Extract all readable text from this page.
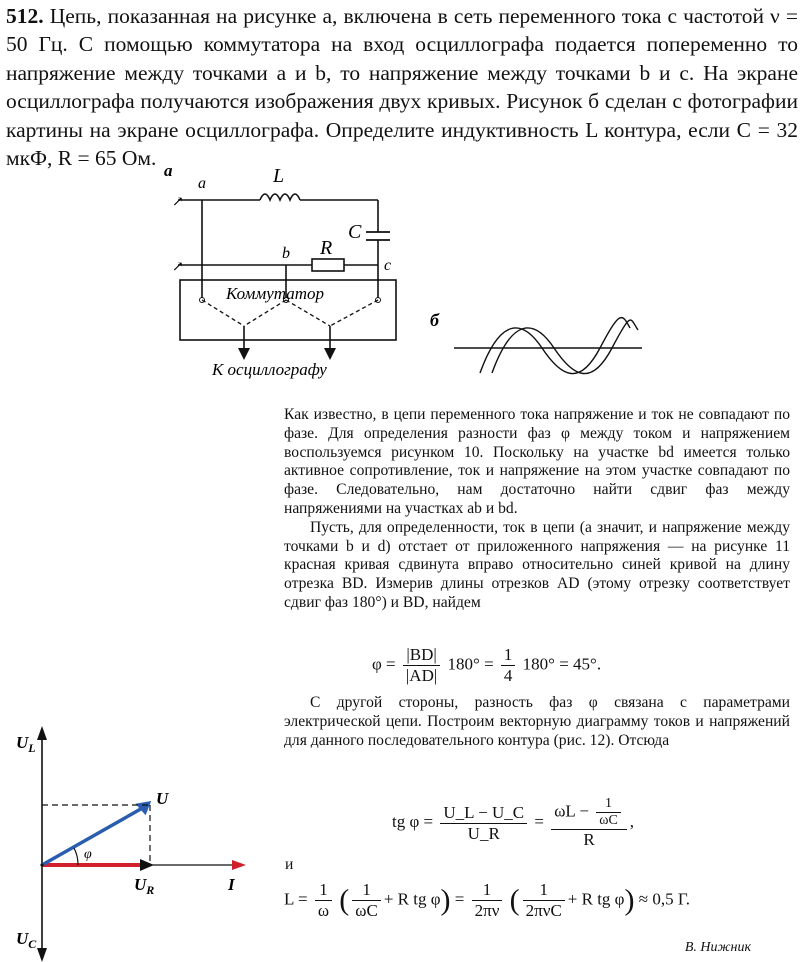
512. Цепь, показанная на рисунке а, включена в сеть переменного тока с частотой ν = 50 Гц. С помощью коммутатора на вход осциллографа подается попеременно то напряжение между точками а и b, то напряжение между точками b и с. На экране осциллографа получаются изображения двух кривых. Рисунок б сделан с фотографии картины на экране осциллографа. Определите индуктивность L контура, если C = 32 мкФ, R = 65 Ом.
а
↗
↗
a	L
C
b R
c
Коммутатор
К осциллографу
б

Как известно, в цепи переменного тока напряжение и ток не совпадают по фазе. Для определения разности фаз φ между током и напряжением воспользуемся рисунком 10. Поскольку на участке bd имеется только активное сопротивление, ток и напряжение на этом участке совпадают по фазе. Следовательно, нам достаточно найти сдвиг фаз между напряжениями на участках ab и bd.

Пусть, для определенности, ток в цепи (а значит, и напряжение между точками b и d) отстает от приложенного напряжения — на рисунке 11 красная кривая сдвинута вправо относительно синей кривой на длину отрезка BD. Измерив длины отрезков AD (этому отрезку соответствует сдвиг фаз 180°) и BD, найдем

$\varphi = \frac{|BD|}{|AD|} 180^\circ = \frac{1}{4} 180^\circ = 45^\circ$.
С другой стороны, разность фаз φ связана с параметрами электрической цепи. Построим векторную диаграмму токов и напряжений для данного последовательного контура (рис. 12). Отсюда
tg $\varphi = \frac{U\_L - U\_C}{U\_R} = \frac{\omega L - \frac{1}{\omega C}}{R}$ ,
и
$L = \frac{1}{\omega}$ ( $\frac{1}{\omega C} + R$ tg $\varphi) = \frac{1}{2\pi\nu}$ ( $\frac{1}{\text{2πνC}} + R$ tg φ) ≈ 0,5 Г.
$U_L$
$U_C$
U
$U_R$	I
φ
В. Нижник
